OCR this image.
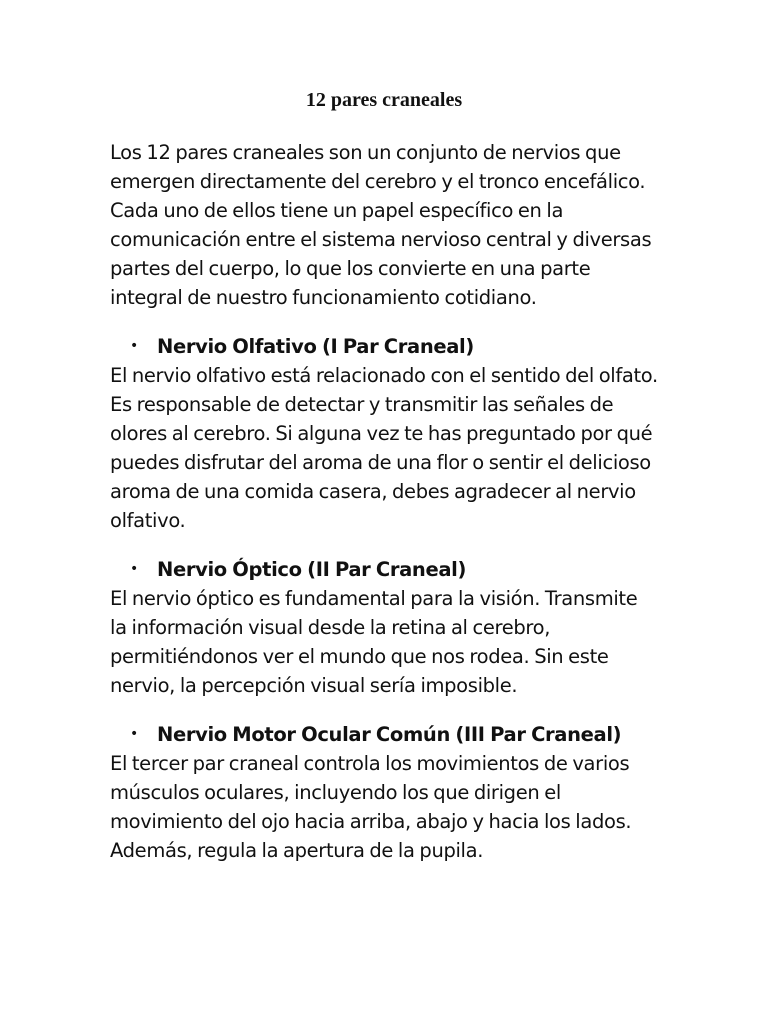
12 pares craneales

Los 12 pares craneales son un conjunto de nervios que emergen directamente del cerebro y el tronco encefálico. Cada uno de ellos tiene un papel específico en la comunicación entre el sistema nervioso central y diversas partes del cuerpo, lo que los convierte en una parte integral de nuestro funcionamiento cotidiano.

• Nervio Olfativo (I Par Craneal)

El nervio olfativo está relacionado con el sentido del olfato. Es responsable de detectar y transmitir las señales de olores al cerebro. Si alguna vez te has preguntado por qué puedes disfrutar del aroma de una flor o sentir el delicioso aroma de una comida casera, debes agradecer al nervio olfativo.

• Nervio Óptico (II Par Craneal)

El nervio óptico es fundamental para la visión. Transmite la información visual desde la retina al cerebro, permitiéndonos ver el mundo que nos rodea. Sin este nervio, la percepción visual sería imposible.

• Nervio Motor Ocular Común (III Par Craneal)

El tercer par craneal controla los movimientos de varios músculos oculares, incluyendo los que dirigen el movimiento del ojo hacia arriba, abajo y hacia los lados. Además, regula la apertura de la pupila.
